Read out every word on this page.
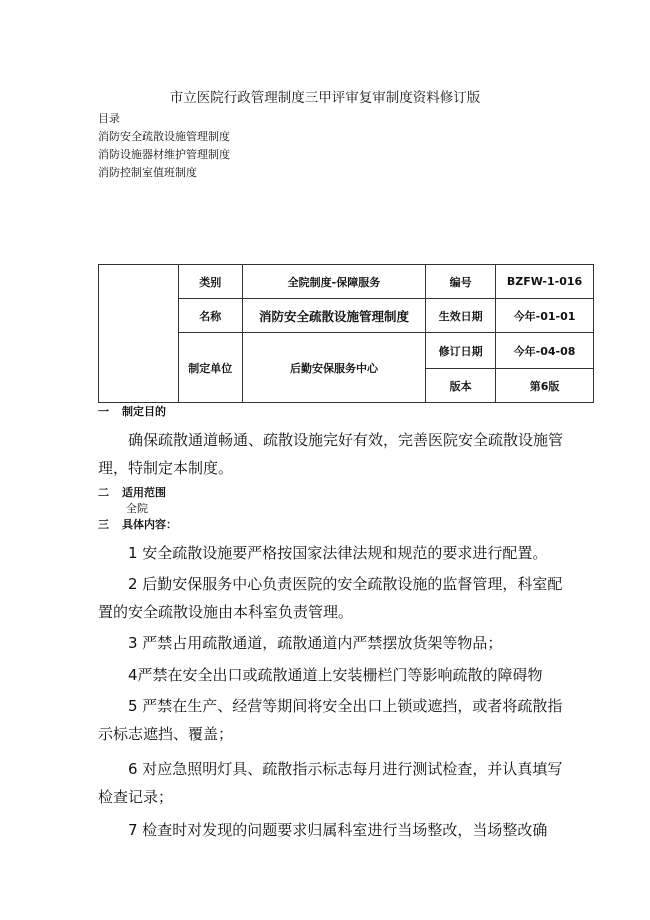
市立医院行政管理制度三甲评审复审制度资料修订版
目录
消防安全疏散设施管理制度
消防设施器材维护管理制度
消防控制室值班制度
	类别	全院制度-保障服务	编号	BZFW-1-016
	名称	消防安全疏散设施管理制度	生效日期	今年-01-01
	制定单位	后勤安保服务中心	修订日期	今年-04-08
			版本	第6版
一 制定目的

确保疏散通道畅通、疏散设施完好有效，完善医院安全疏散设施管理，特制定本制度。

二 适用范围
全院
三 具体内容：

1 安全疏散设施要严格按国家法律法规和规范的要求进行配置。

2 后勤安保服务中心负责医院的安全疏散设施的监督管理，科室配置的安全疏散设施由本科室负责管理。

3 严禁占用疏散通道，疏散通道内严禁摆放货架等物品；

4严禁在安全出口或疏散通道上安装栅栏门等影响疏散的障碍物

5 严禁在生产、经营等期间将安全出口上锁或遮挡，或者将疏散指示标志遮挡、覆盖；

6 对应急照明灯具、疏散指示标志每月进行测试检查，并认真填写检查记录；

7 检查时对发现的问题要求归属科室进行当场整改，当场整改确
